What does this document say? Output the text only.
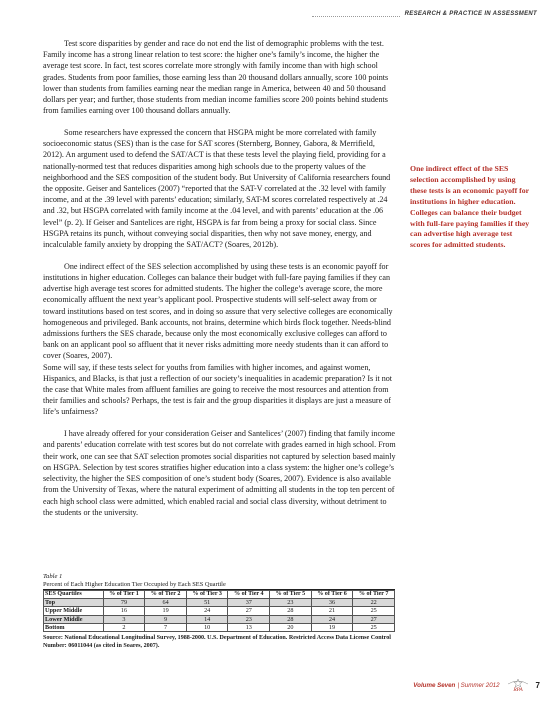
RESEARCH & PRACTICE IN ASSESSMENT

Test score disparities by gender and race do not end the list of demographic problems with the test. Family income has a strong linear relation to test score: the higher one’s family’s income, the higher the average test score. In fact, test scores correlate more strongly with family income than with high school grades. Students from poor families, those earning less than 20 thousand dollars annually, score 100 points lower than students from families earning near the median range in America, between 40 and 50 thousand dollars per year; and further, those students from median income families score 200 points behind students from families earning over 100 thousand dollars annually.

Some researchers have expressed the concern that HSGPA might be more correlated with family socioeconomic status (SES) than is the case for SAT scores (Sternberg, Bonney, Gabora, & Merrifield, 2012). An argument used to defend the SAT/ACT is that these tests level the playing field, providing for a nationally-normed test that reduces disparities among high schools due to the property values of the neighborhood and the SES composition of the student body. But University of California researchers found the opposite. Geiser and Santelices (2007) “reported that the SAT-V correlated at the .32 level with family income, and at the .39 level with parents’ education; similarly, SAT-M scores correlated respectively at .24 and .32, but HSGPA correlated with family income at the .04 level, and with parents’ education at the .06 level” (p. 2). If Geiser and Santelices are right, HSGPA is far from being a proxy for social class. Since HSGPA retains its punch, without conveying social disparities, then why not save money, energy, and incalculable family anxiety by dropping the SAT/ACT? (Soares, 2012b).

One indirect effect of the SES selection accomplished by using these tests is an economic payoff for institutions in higher education. Colleges can balance their budget with full-fare paying families if they can advertise high average test scores for admitted students. The higher the college’s average score, the more economically affluent the next year’s applicant pool. Prospective students will self-select away from or toward institutions based on test scores, and in doing so assure that very selective colleges are economically homogeneous and privileged. Bank accounts, not brains, determine which birds flock together. Needs-blind admissions furthers the SES charade, because only the most economically exclusive colleges can afford to bank on an applicant pool so affluent that it never risks admitting more needy students than it can afford to cover (Soares, 2007).

Some will say, if these tests select for youths from families with higher incomes, and against women, Hispanics, and Blacks, is that just a reflection of our society’s inequalities in academic preparation? Is it not the case that White males from affluent families are going to receive the most resources and attention from their families and schools? Perhaps, the test is fair and the group disparities it displays are just a measure of life’s unfairness?

I have already offered for your consideration Geiser and Santelices’ (2007) finding that family income and parents’ education correlate with test scores but do not correlate with grades earned in high school. From their work, one can see that SAT selection promotes social disparities not captured by selection based mainly on HSGPA. Selection by test scores stratifies higher education into a class system: the higher one’s college’s selectivity, the higher the SES composition of one’s student body (Soares, 2007). Evidence is also available from the University of Texas, where the natural experiment of admitting all students in the top ten percent of each high school class were admitted, which enabled racial and social class diversity, without detriment to the students or the university.

One indirect effect of the SES selection accomplished by using these tests is an economic payoff for institutions in higher education. Colleges can balance their budget with full-fare paying families if they can advertise high average test scores for admitted students.
Table 1
Percent of Each Higher Education Tier Occupied by Each SES Quartile
SES Quartiles	% of Tier 1	% of Tier 2	% of Tier 3	% of Tier 4	% of Tier 5	% of Tier 6	% of Tier 7
Top	79	64	51	37	23	36	22
Upper Middle	16	19	24	27	28	21	25
Lower Middle	3	9	14	23	28	24	27
Bottom	2	7	10	13	20	19	25
Source: National Educational Longitudinal Survey, 1988-2000. U.S. Department of Education. Restricted Access Data License Control Number: 06011044 (as cited in Soares, 2007).
Volume Seven | Summer 2012
RPA
7
